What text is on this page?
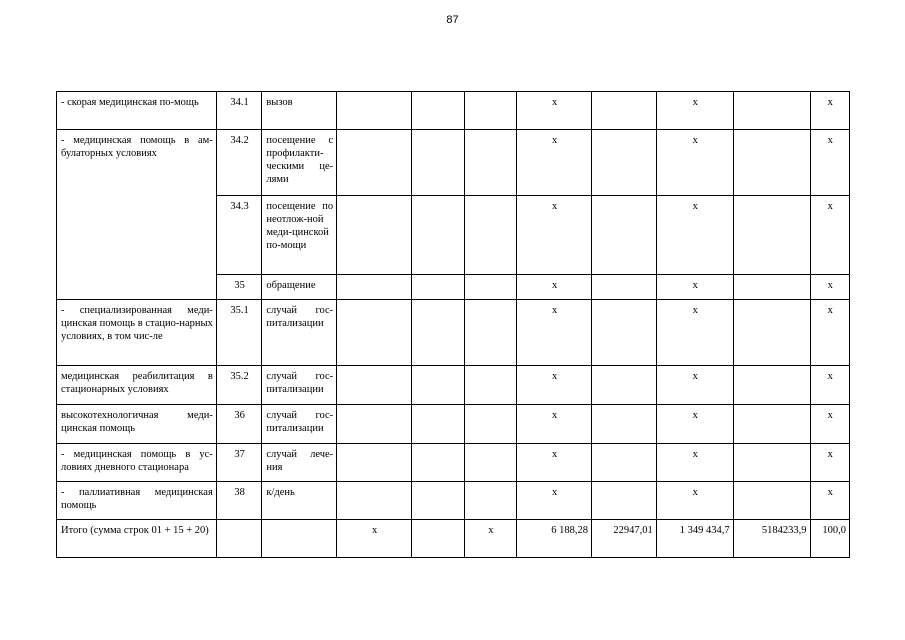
87
- скорая медицинская по-мощь	34.1	вызов				х		х		х
- медицинская помощь в ам-булаторных условиях	34.2	посещение с профилакти-ческими це-лями				х		х		х
	34.3	посещение по неотлож-ной меди-цинской по-мощи				х		х		х
	35	обращение				х		х		х
- специализированная меди-цинская помощь в стацио-нарных условиях, в том чис-ле	35.1	случай гос-питализации				х		х		х
медицинская реабилитация в стационарных условиях	35.2	случай гос-питализации				х		х		х
высокотехнологичная меди-цинская помощь	36	случай гос-питализации				х		х		х
- медицинская помощь в ус-ловиях дневного стационара	37	случай лече-ния				х		х		х
- паллиативная медицинская помощь	38	к/день				х		х		х
Итого (сумма строк 01 + 15 + 20)			х		х	6 188,28	22947,01	1 349 434,7	5184233,9	100,0
